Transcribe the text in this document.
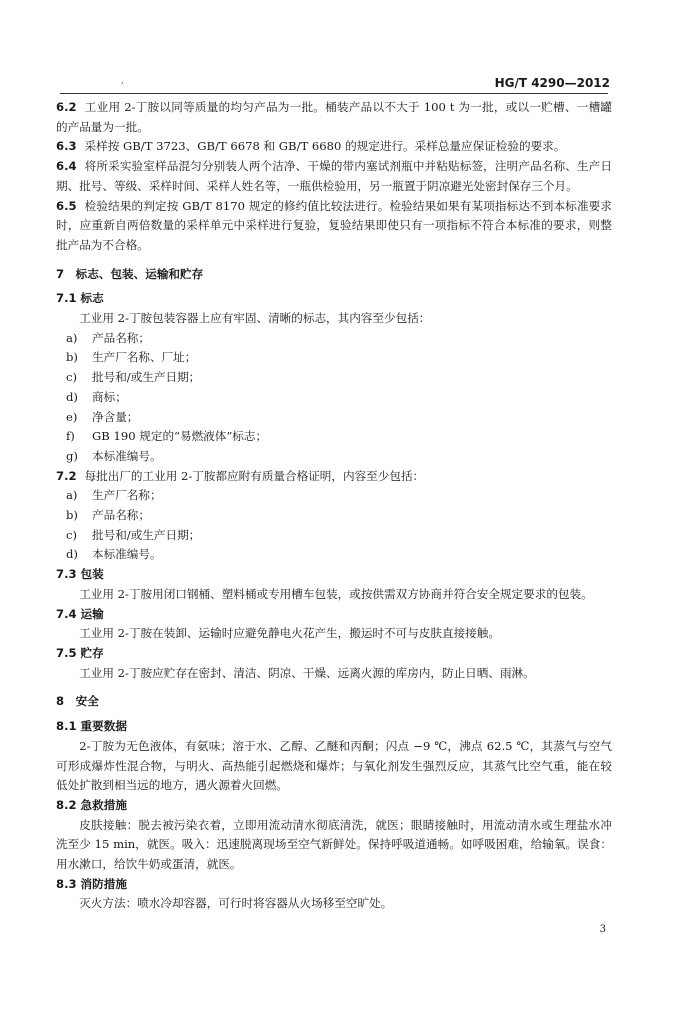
,	HG/T 4290—2012

6.2 工业用 2-丁胺以同等质量的均匀产品为一批。桶装产品以不大于 100 t 为一批，或以一贮槽、一槽罐的产品量为一批。

6.3 采样按 GB/T 3723、GB/T 6678 和 GB/T 6680 的规定进行。采样总量应保证检验的要求。

6.4 将所采实验室样品混匀分别装人两个洁净、干燥的带内塞试剂瓶中并粘贴标签，注明产品名称、生产日期、批号、等级、采样时间、采样人姓名等，一瓶供检验用，另一瓶置于阴凉避光处密封保存三个月。

6.5 检验结果的判定按 GB/T 8170 规定的修约值比较法进行。检验结果如果有某项指标达不到本标准要求时，应重新自两倍数量的采样单元中采样进行复验，复验结果即使只有一项指标不符合本标准的要求，则整批产品为不合格。

7　标志、包装、运输和贮存

7.1 标志

工业用 2-丁胺包装容器上应有牢固、清晰的标志，其内容至少包括：

a) 产品名称；

b) 生产厂名称、厂址；

c) 批号和/或生产日期；

d) 商标；

e) 净含量；

f) GB 190 规定的“易燃液体”标志；

g) 本标准编号。

7.2 每批出厂的工业用 2-丁胺都应附有质量合格证明，内容至少包括：

a) 生产厂名称；

b) 产品名称；

c) 批号和/或生产日期；

d) 本标准编号。

7.3 包装

工业用 2-丁胺用闭口钢桶、塑料桶或专用槽车包装，或按供需双方协商并符合安全规定要求的包装。

7.4 运输

工业用 2-丁胺在装卸、运输时应避免静电火花产生，搬运时不可与皮肤直接接触。

7.5 贮存

工业用 2-丁胺应贮存在密封、清洁、阴凉、干燥、远离火源的库房内，防止日晒、雨淋。

8　安全

8.1 重要数据

2-丁胺为无色液体，有氨味；溶于水、乙醇、乙醚和丙酮；闪点 −9 ℃，沸点 62.5 ℃，其蒸气与空气可形成爆炸性混合物，与明火、高热能引起燃烧和爆炸；与氧化剂发生强烈反应，其蒸气比空气重，能在较低处扩散到相当远的地方，遇火源着火回燃。

8.2 急救措施

皮肤接触：脱去被污染衣着，立即用流动清水彻底清洗，就医；眼睛接触时，用流动清水或生理盐水冲洗至少 15 min，就医。吸入：迅速脱离现场至空气新鲜处。保持呼吸道通畅。如呼吸困难，给输氧。误食：用水漱口，给饮牛奶或蛋清，就医。

8.3 消防措施

灭火方法：喷水冷却容器，可行时将容器从火场移至空旷处。

3
